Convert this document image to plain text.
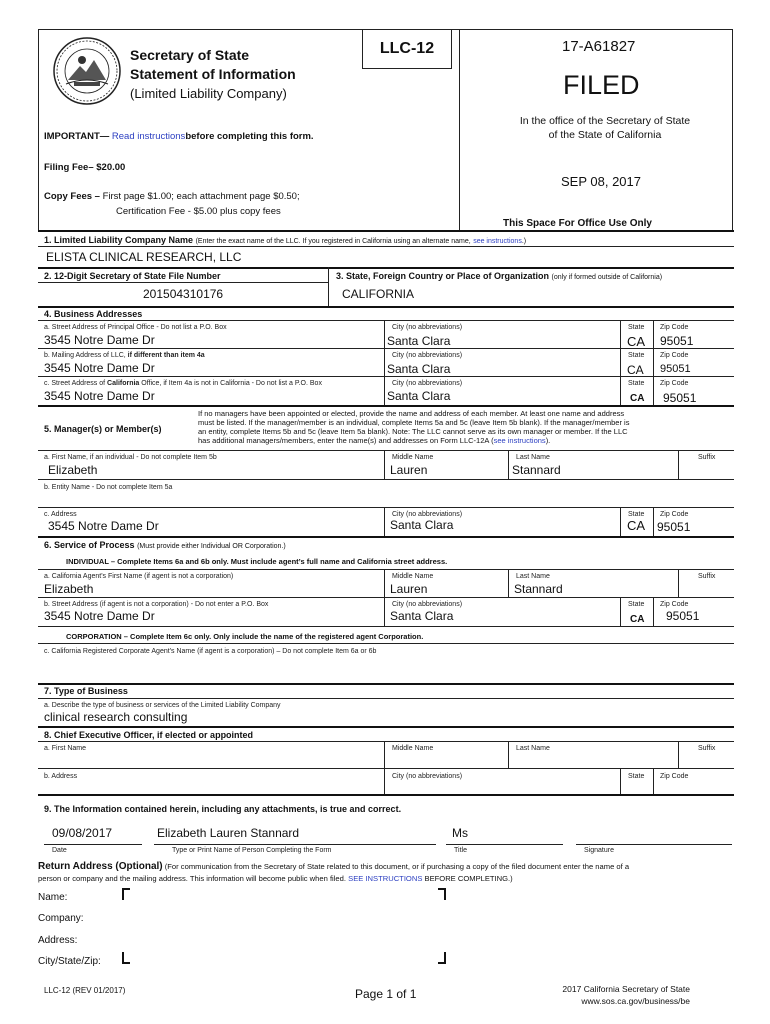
Secretary of State
Statement of Information
(Limited Liability Company)
LLC-12
IMPORTANT— Read instructionsbefore completing this form.
Filing Fee– $20.00
Copy Fees – First page $1.00; each attachment page $0.50;
Certification Fee - $5.00 plus copy fees
17-A61827
FILED
In the office of the Secretary of State
of the State of California
SEP 08, 2017
This Space For Office Use Only
1. Limited Liability Company Name (Enter the exact name of the LLC. If you registered in California using an alternate name, see instructions.)
ELISTA CLINICAL RESEARCH, LLC
2. 12-Digit Secretary of State File Number
201504310176
3. State, Foreign Country or Place of Organization (only if formed outside of California)
CALIFORNIA
4. Business Addresses
a. Street Address of Principal Office - Do not list a P.O. Box
3545 Notre Dame Dr
City (no abbreviations)
Santa Clara
State
CA
Zip Code
95051
b. Mailing Address of LLC, if different than item 4a
3545 Notre Dame Dr
City (no abbreviations)
Santa Clara
State
CA
Zip Code
95051
c. Street Address of California Office, if Item 4a is not in California - Do not list a P.O. Box
3545 Notre Dame Dr
City (no abbreviations)
Santa Clara
State
CA
Zip Code
95051
5. Manager(s) or Member(s)
If no managers have been appointed or elected, provide the name and address of each member. At least one name and address
must be listed. If the manager/member is an individual, complete Items 5a and 5c (leave Item 5b blank). If the manager/member is
an entity, complete Items 5b and 5c (leave Item 5a blank). Note: The LLC cannot serve as its own manager or member. If the LLC
has additional managers/members, enter the name(s) and addresses on Form LLC-12A (see instructions).
a. First Name, if an individual - Do not complete Item 5b
Elizabeth
Middle Name
Lauren
Last Name
Stannard
Suffix
b. Entity Name - Do not complete Item 5a
c. Address
3545 Notre Dame Dr
City (no abbreviations)
Santa Clara
State
CA
Zip Code
95051
6. Service of Process (Must provide either Individual OR Corporation.)
INDIVIDUAL – Complete Items 6a and 6b only. Must include agent’s full name and California street address.
a. California Agent's First Name (if agent is not a corporation)
Elizabeth
Middle Name
Lauren
Last Name
Stannard
Suffix
b. Street Address (if agent is not a corporation) - Do not enter a P.O. Box
3545 Notre Dame Dr
City (no abbreviations)
Santa Clara
State
CA
Zip Code
95051
CORPORATION – Complete Item 6c only. Only include the name of the registered agent Corporation.
c. California Registered Corporate Agent's Name (if agent is a corporation) – Do not complete Item 6a or 6b
7. Type of Business
a. Describe the type of business or services of the Limited Liability Company
clinical research consulting
8. Chief Executive Officer, if elected or appointed
a. First Name	Middle Name	Last Name	Suffix
b. Address	City (no abbreviations)	State Zip Code
9. The Information contained herein, including any attachments, is true and correct.
09/08/2017	Elizabeth Lauren Stannard	Ms
Date	Type or Print Name of Person Completing the Form	Title	Signature
Return Address (Optional) (For communication from the Secretary of State related to this document, or if purchasing a copy of the filed document enter the name of a
person or company and the mailing address. This information will become public when filed. SEE INSTRUCTIONS BEFORE COMPLETING.)
Name:
Company:
Address:
City/State/Zip:
LLC-12 (REV 01/2017)	Page 1 of 1	2017 California Secretary of State
www.sos.ca.gov/business/be
